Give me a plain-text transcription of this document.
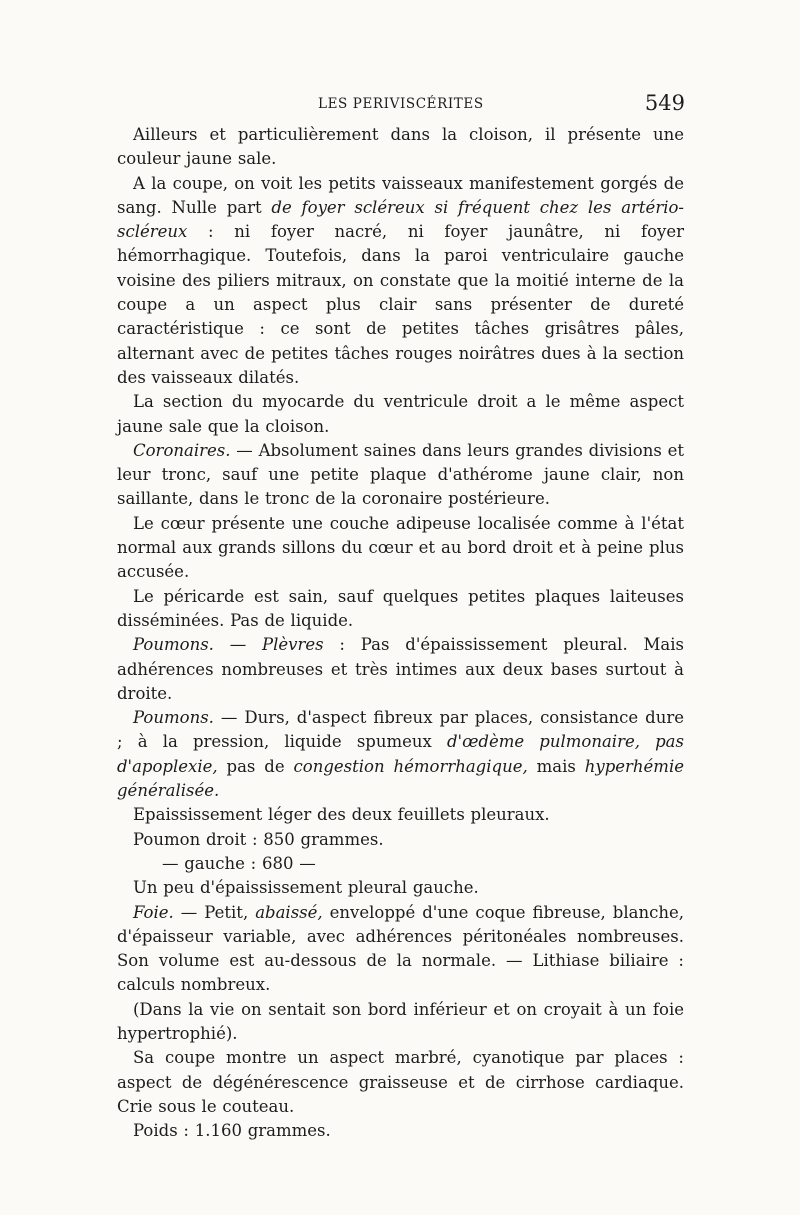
LES PERIVISCÉRITES	549

Ailleurs et particulièrement dans la cloison, il présente une couleur jaune sale.

A la coupe, on voit les petits vaisseaux manifestement gorgés de sang. Nulle part de foyer scléreux si fréquent chez les artério-scléreux : ni foyer nacré, ni foyer jaunâtre, ni foyer hémorrhagique. Toutefois, dans la paroi ventriculaire gauche voisine des piliers mitraux, on constate que la moitié interne de la coupe a un aspect plus clair sans présenter de dureté caractéristique : ce sont de petites tâches grisâtres pâles, alternant avec de petites tâches rouges noirâtres dues à la section des vaisseaux dilatés.

La section du myocarde du ventricule droit a le même aspect jaune sale que la cloison.

Coronaires. — Absolument saines dans leurs grandes divisions et leur tronc, sauf une petite plaque d'athérome jaune clair, non saillante, dans le tronc de la coronaire postérieure.

Le cœur présente une couche adipeuse localisée comme à l'état normal aux grands sillons du cœur et au bord droit et à peine plus accusée.

Le péricarde est sain, sauf quelques petites plaques laiteuses disséminées. Pas de liquide.

Poumons. — Plèvres : Pas d'épaississement pleural. Mais adhérences nombreuses et très intimes aux deux bases surtout à droite.

Poumons. — Durs, d'aspect fibreux par places, consistance dure ; à la pression, liquide spumeux d'œdème pulmonaire, pas d'apoplexie, pas de congestion hémorrhagique, mais hyperhémie généralisée.

Epaississement léger des deux feuillets pleuraux.
Poumon droit : 850 grammes.
— gauche : 680 —
Un peu d'épaississement pleural gauche.

Foie. — Petit, abaissé, enveloppé d'une coque fibreuse, blanche, d'épaisseur variable, avec adhérences péritonéales nombreuses. Son volume est au-dessous de la normale. — Lithiase biliaire : calculs nombreux.

(Dans la vie on sentait son bord inférieur et on croyait à un foie hypertrophié).

Sa coupe montre un aspect marbré, cyanotique par places : aspect de dégénérescence graisseuse et de cirrhose cardiaque. Crie sous le couteau.

Poids : 1.160 grammes.
